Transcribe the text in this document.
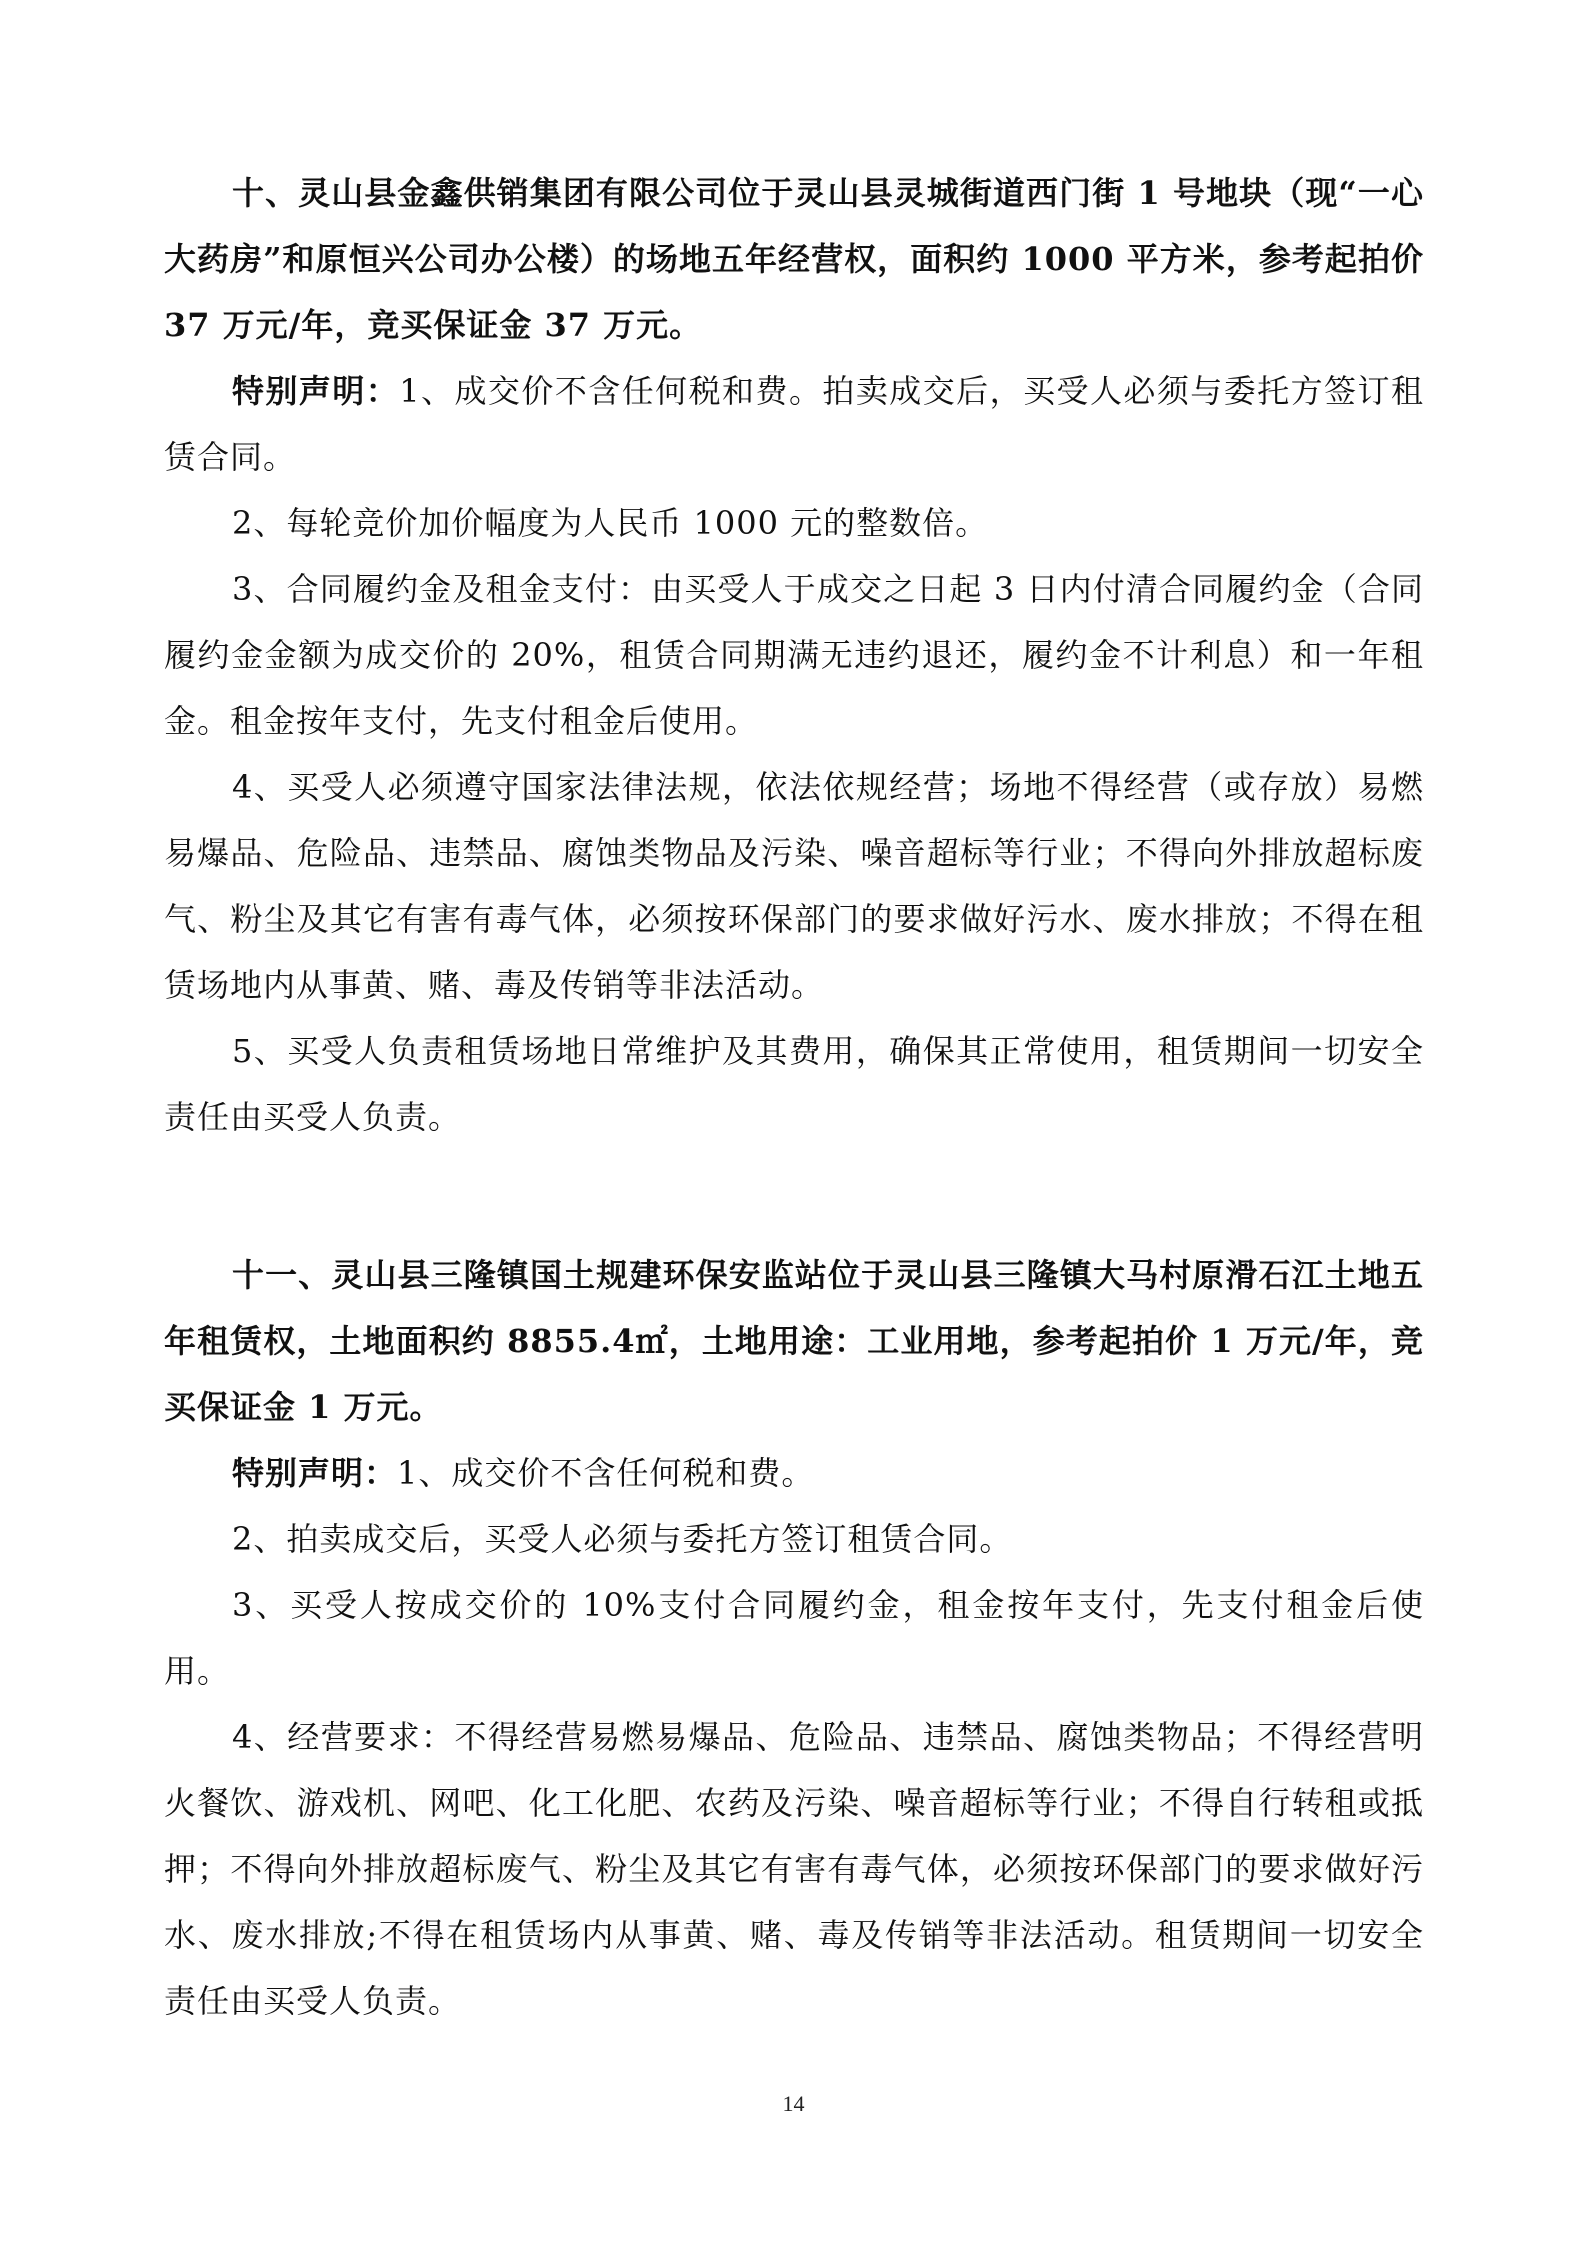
十、灵山县金鑫供销集团有限公司位于灵山县灵城街道西门街 1 号地块（现“一心大药房”和原恒兴公司办公楼）的场地五年经营权，面积约 1000 平方米，参考起拍价 37 万元/年，竞买保证金 37 万元。

特别声明：1、成交价不含任何税和费。拍卖成交后，买受人必须与委托方签订租赁合同。

2、每轮竞价加价幅度为人民币 1000 元的整数倍。

3、合同履约金及租金支付：由买受人于成交之日起 3 日内付清合同履约金（合同履约金金额为成交价的 20%，租赁合同期满无违约退还，履约金不计利息）和一年租金。租金按年支付，先支付租金后使用。

4、买受人必须遵守国家法律法规，依法依规经营；场地不得经营（或存放）易燃易爆品、危险品、违禁品、腐蚀类物品及污染、噪音超标等行业；不得向外排放超标废气、粉尘及其它有害有毒气体，必须按环保部门的要求做好污水、废水排放；不得在租赁场地内从事黄、赌、毒及传销等非法活动。

5、买受人负责租赁场地日常维护及其费用，确保其正常使用，租赁期间一切安全责任由买受人负责。

十一、灵山县三隆镇国土规建环保安监站位于灵山县三隆镇大马村原滑石江土地五年租赁权，土地面积约 8855.4㎡，土地用途：工业用地，参考起拍价 1 万元/年，竞买保证金 1 万元。

特别声明：1、成交价不含任何税和费。

2、拍卖成交后，买受人必须与委托方签订租赁合同。

3、买受人按成交价的 10%支付合同履约金，租金按年支付，先支付租金后使用。

4、经营要求：不得经营易燃易爆品、危险品、违禁品、腐蚀类物品；不得经营明火餐饮、游戏机、网吧、化工化肥、农药及污染、噪音超标等行业；不得自行转租或抵押；不得向外排放超标废气、粉尘及其它有害有毒气体，必须按环保部门的要求做好污水、废水排放;不得在租赁场内从事黄、赌、毒及传销等非法活动。租赁期间一切安全责任由买受人负责。

14
